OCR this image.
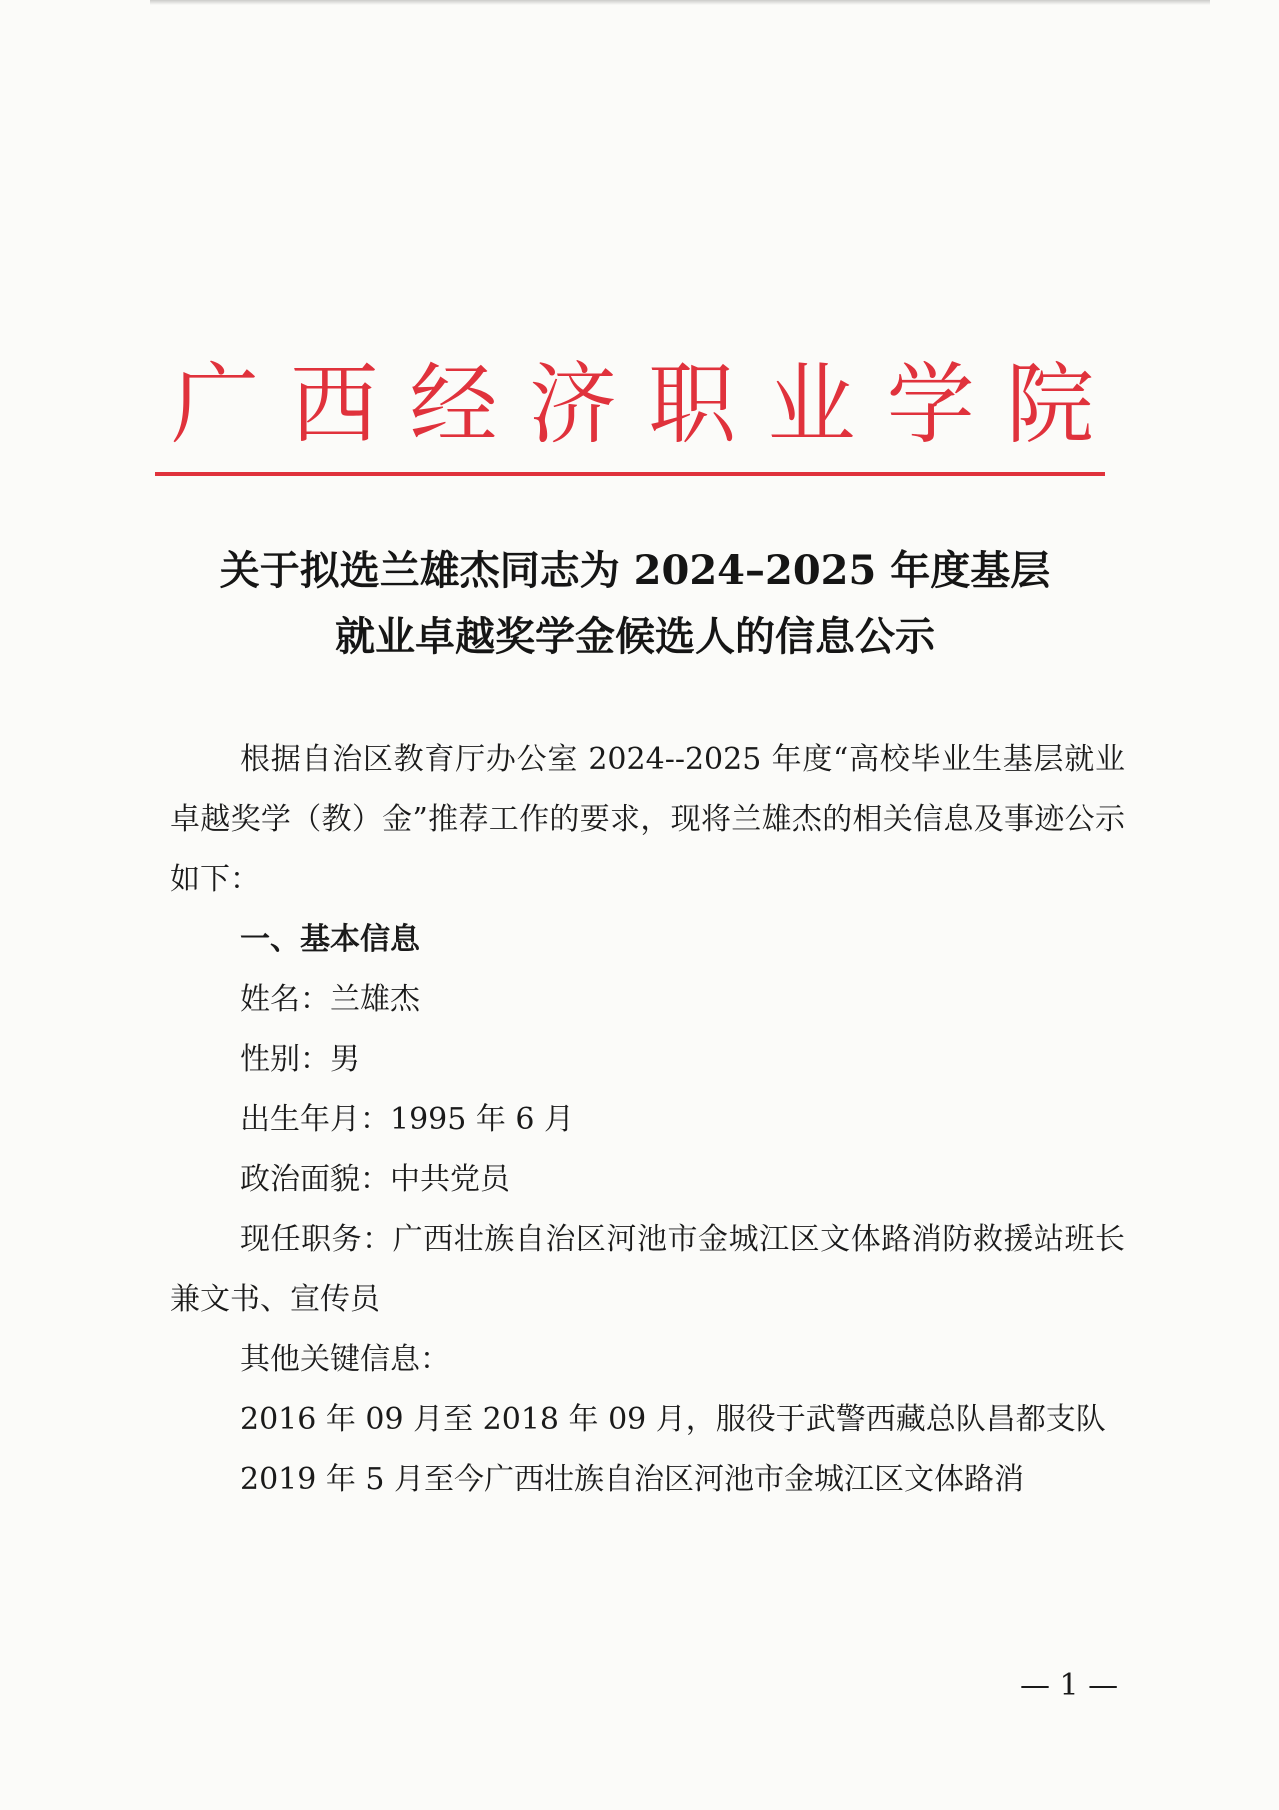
广 西 经 济 职 业 学 院
关于拟选兰雄杰同志为 2024–2025 年度基层
就业卓越奖学金候选人的信息公示

根据自治区教育厅办公室 2024--2025 年度“高校毕业生基层就业卓越奖学（教）金”推荐工作的要求，现将兰雄杰的相关信息及事迹公示如下：

一、基本信息

姓名：兰雄杰

性别：男

出生年月：1995 年 6 月

政治面貌：中共党员

现任职务：广西壮族自治区河池市金城江区文体路消防救援站班长兼文书、宣传员

其他关键信息：

2016 年 09 月至 2018 年 09 月，服役于武警西藏总队昌都支队

2019 年 5 月至今广西壮族自治区河池市金城江区文体路消

— 1 —
